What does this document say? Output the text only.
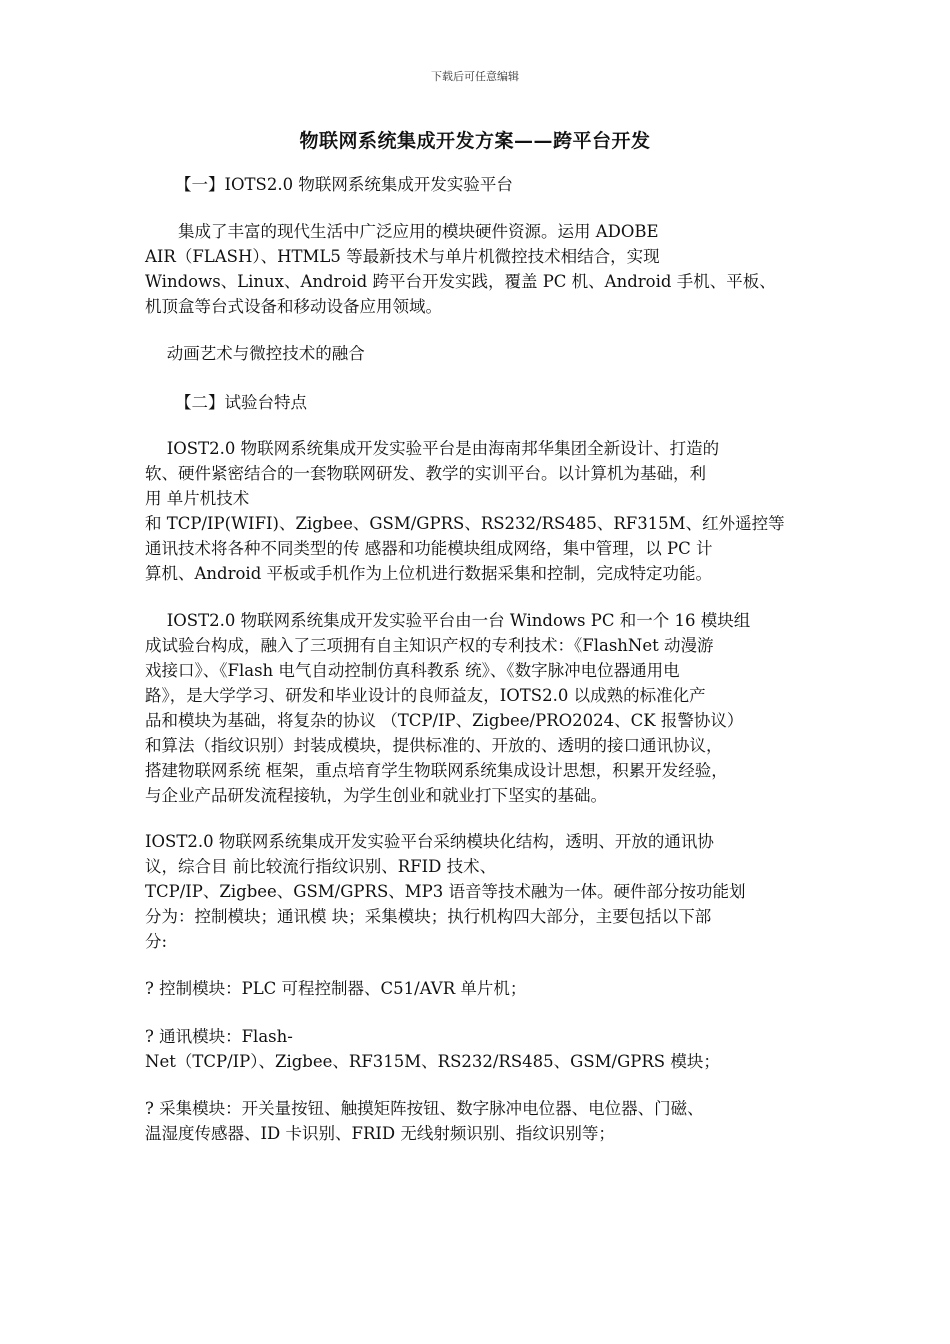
下载后可任意编辑
物联网系统集成开发方案——跨平台开发
【一】IOTS2.0 物联网系统集成开发实验平台
　　集成了丰富的现代生活中广泛应用的模块硬件资源。运用 ADOBE
AIR（FLASH）、HTML5 等最新技术与单片机微控技术相结合，实现
Windows、Linux、Android 跨平台开发实践，覆盖 PC 机、Android 手机、平板、
机顶盒等台式设备和移动设备应用领域。
　 动画艺术与微控技术的融合
【二】试验台特点
　 IOST2.0 物联网系统集成开发实验平台是由海南邦华集团全新设计、打造的
软、硬件紧密结合的一套物联网研发、教学的实训平台。以计算机为基础，利
用 单片机技术
和 TCP/IP(WIFI)、Zigbee、GSM/GPRS、RS232/RS485、RF315M、红外遥控等
通讯技术将各种不同类型的传 感器和功能模块组成网络，集中管理，以 PC 计
算机、Android 平板或手机作为上位机进行数据采集和控制，完成特定功能。
　 IOST2.0 物联网系统集成开发实验平台由一台 Windows PC 和一个 16 模块组
成试验台构成，融入了三项拥有自主知识产权的专利技术：《FlashNet 动漫游
戏接口》、《Flash 电气自动控制仿真科教系 统》、《数字脉冲电位器通用电
路》，是大学学习、研发和毕业设计的良师益友，IOTS2.0 以成熟的标准化产
品和模块为基础，将复杂的协议 （TCP/IP、Zigbee/PRO2024、CK 报警协议）
和算法（指纹识别）封装成模块，提供标准的、开放的、透明的接口通讯协议，
搭建物联网系统 框架，重点培育学生物联网系统集成设计思想，积累开发经验，
与企业产品研发流程接轨，为学生创业和就业打下坚实的基础。
IOST2.0 物联网系统集成开发实验平台采纳模块化结构，透明、开放的通讯协
议，综合目 前比较流行指纹识别、RFID 技术、
TCP/IP、Zigbee、GSM/GPRS、MP3 语音等技术融为一体。硬件部分按功能划
分为：控制模块；通讯模 块；采集模块；执行机构四大部分，主要包括以下部
分:
? 控制模块：PLC 可程控制器、C51/AVR 单片机；
? 通讯模块：Flash-
Net（TCP/IP）、Zigbee、RF315M、RS232/RS485、GSM/GPRS 模块；
? 采集模块：开关量按钮、触摸矩阵按钮、数字脉冲电位器、电位器、门磁、
温湿度传感器、ID 卡识别、FRID 无线射频识别、指纹识别等；
